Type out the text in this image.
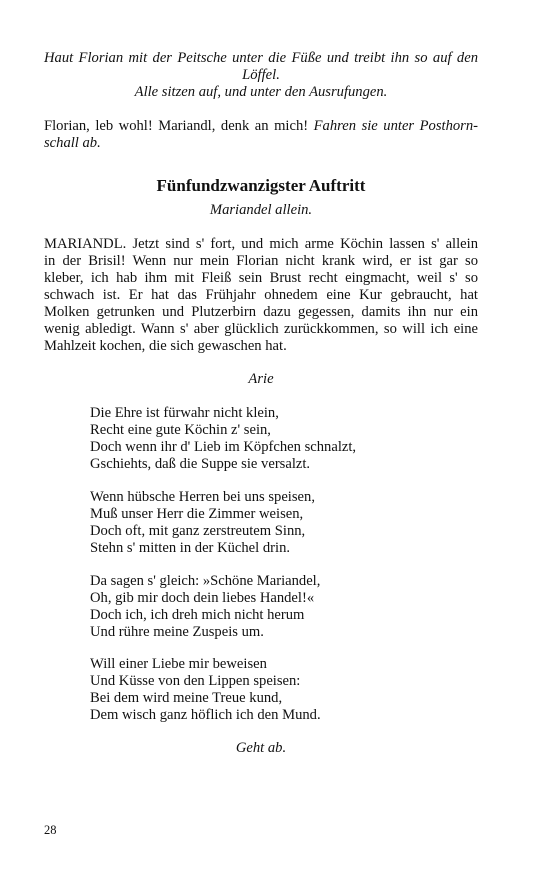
Haut Florian mit der Peitsche unter die Füße und treibt ihn so auf den
Löffel.
Alle sitzen auf, und unter den Ausrufungen.
Florian, leb wohl! Mariandl, denk an mich! Fahren sie unter Posthorn-
schall ab.
Fünfundzwanzigster Auftritt
Mariandel allein.
MARIANDL. Jetzt sind s' fort, und mich arme Köchin lassen s' allein
in der Brisil! Wenn nur mein Florian nicht krank wird, er ist gar so
kleber, ich hab ihm mit Fleiß sein Brust recht eingmacht, weil s' so
schwach ist. Er hat das Frühjahr ohnedem eine Kur gebraucht, hat
Molken getrunken und Plutzerbirn dazu gegessen, damits ihn nur ein
wenig abledigt. Wann s' aber glücklich zurückkommen, so will ich eine
Mahlzeit kochen, die sich gewaschen hat.
Arie
Die Ehre ist fürwahr nicht klein,
Recht eine gute Köchin z' sein,
Doch wenn ihr d' Lieb im Köpfchen schnalzt,
Gschiehts, daß die Suppe sie versalzt.
Wenn hübsche Herren bei uns speisen,
Muß unser Herr die Zimmer weisen,
Doch oft, mit ganz zerstreutem Sinn,
Stehn s' mitten in der Küchel drin.
Da sagen s' gleich: »Schöne Mariandel,
Oh, gib mir doch dein liebes Handel!«
Doch ich, ich dreh mich nicht herum
Und rühre meine Zuspeis um.
Will einer Liebe mir beweisen
Und Küsse von den Lippen speisen:
Bei dem wird meine Treue kund,
Dem wisch ganz höflich ich den Mund.
Geht ab.
28
